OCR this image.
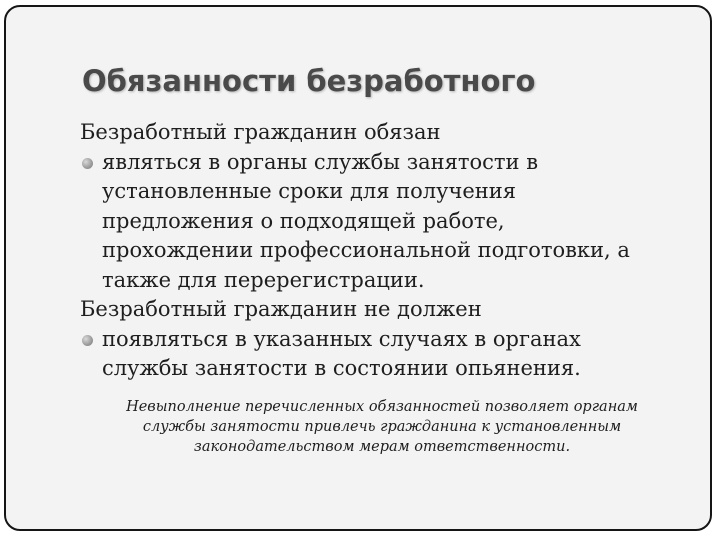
Обязанности безработного
Безработный гражданин обязан
являться в органы службы занятости в
установленные сроки для получения
предложения о подходящей работе,
прохождении профессиональной подготовки, а
также для перерегистрации.
Безработный гражданин не должен
появляться в указанных случаях в органах
службы занятости в состоянии опьянения.
Невыполнение перечисленных обязанностей позволяет органам
службы занятости привлечь гражданина к установленным
законодательством мерам ответственности.
